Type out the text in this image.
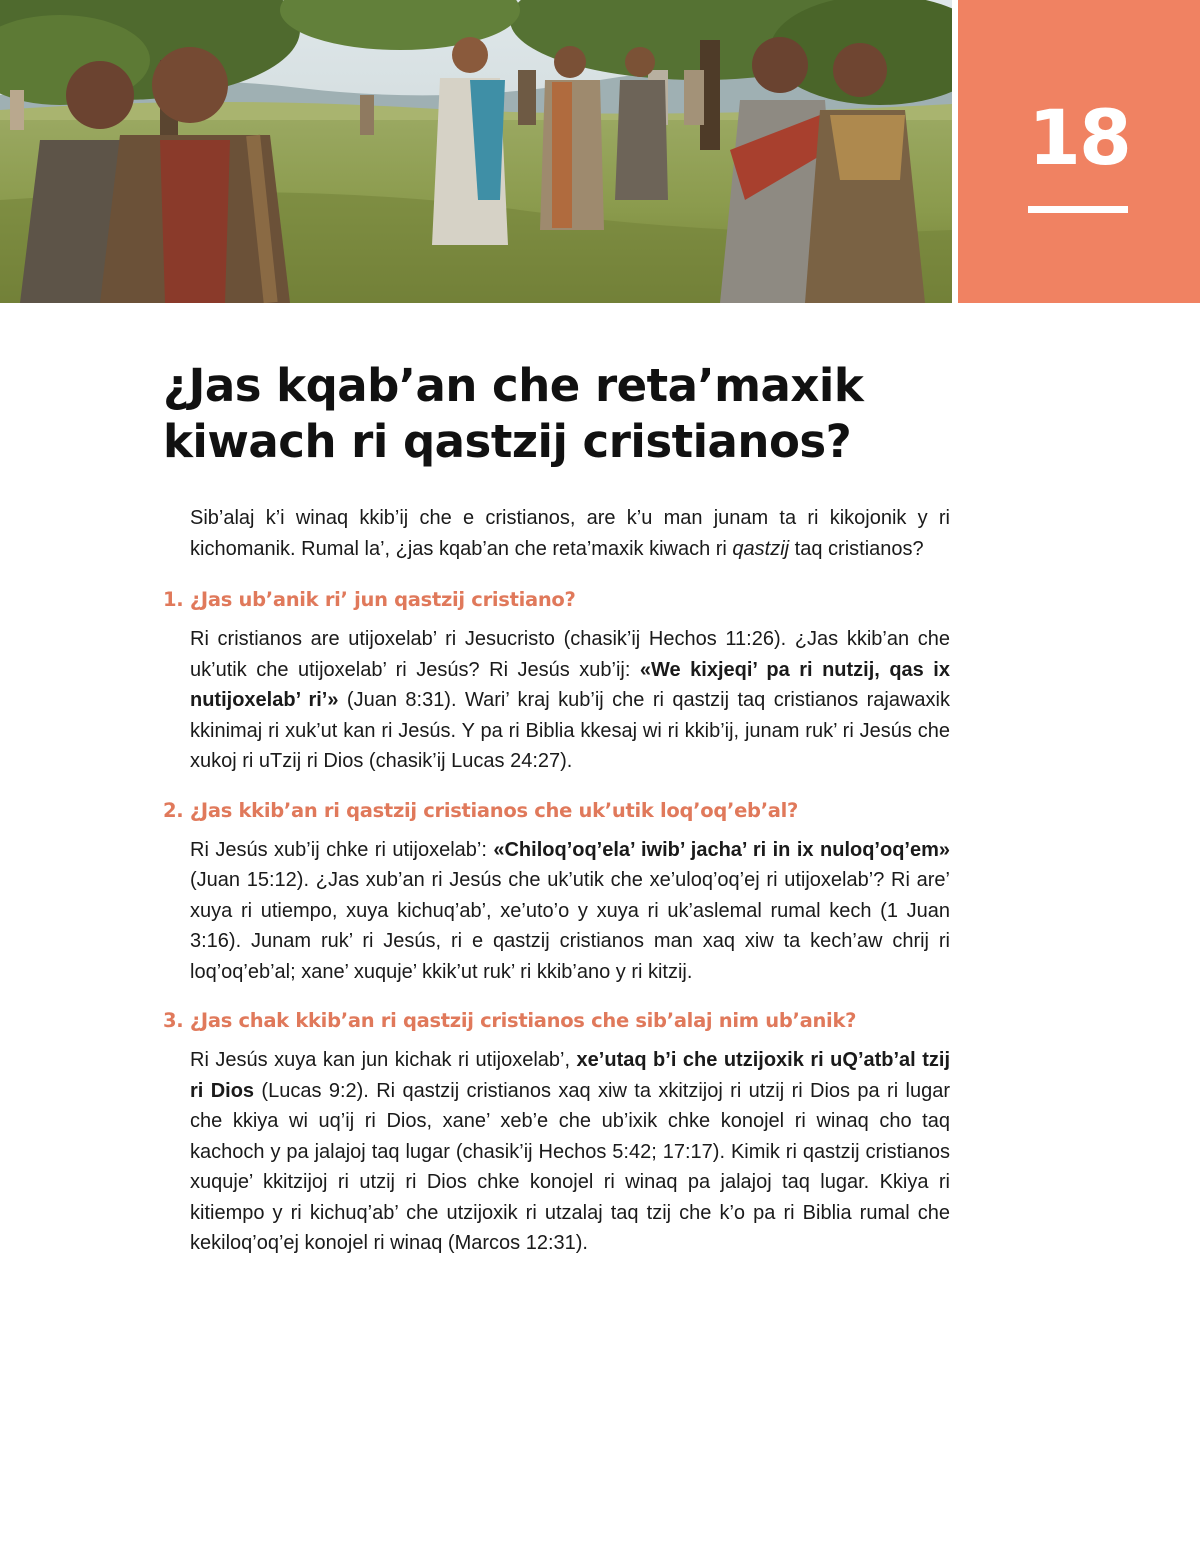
18
¿Jas kqab’an che reta’maxik
kiwach ri qastzij cristianos?

Sib’alaj k’i winaq kkib’ij che e cristianos, are k’u man junam ta ri kikojonik y ri kichomanik. Rumal la’, ¿jas kqab’an che reta’maxik kiwach ri qastzij taq cristianos?

1. ¿Jas ub’anik ri’ jun qastzij cristiano?

Ri cristianos are utijoxelab’ ri Jesucristo (chasik’ij Hechos 11:26). ¿Jas kkib’an che uk’utik che utijoxelab’ ri Jesús? Ri Jesús xub’ij: «We kixjeqi’ pa ri nutzij, qas ix nutijoxelab’ ri’» (Juan 8:31). Wari’ kraj kub’ij che ri qastzij taq cristianos rajawaxik kkinimaj ri xuk’ut kan ri Jesús. Y pa ri Biblia kkesaj wi ri kkib’ij, junam ruk’ ri Jesús che xukoj ri uTzij ri Dios (chasik’ij Lucas 24:27).

2. ¿Jas kkib’an ri qastzij cristianos che uk’utik loq’oq’eb’al?

Ri Jesús xub’ij chke ri utijoxelab’: «Chiloq’oq’ela’ iwib’ jacha’ ri in ix nuloq’oq’em» (Juan 15:12). ¿Jas xub’an ri Jesús che uk’utik che xe’uloq’oq’ej ri utijoxelab’? Ri are’ xuya ri utiempo, xuya kichuq’ab’, xe’uto’o y xuya ri uk’aslemal rumal kech (1 Juan 3:16). Junam ruk’ ri Jesús, ri e qastzij cristianos man xaq xiw ta kech’aw chrij ri loq’oq’eb’al; xane’ xuquje’ kkik’ut ruk’ ri kkib’ano y ri kitzij.

3. ¿Jas chak kkib’an ri qastzij cristianos che sib’alaj nim ub’anik?

Ri Jesús xuya kan jun kichak ri utijoxelab’, xe’utaq b’i che utzijoxik ri uQ’atb’al tzij ri Dios (Lucas 9:2). Ri qastzij cristianos xaq xiw ta xkitzijoj ri utzij ri Dios pa ri lugar che kkiya wi uq’ij ri Dios, xane’ xeb’e che ub’ixik chke konojel ri winaq cho taq kachoch y pa jalajoj taq lugar (chasik’ij Hechos 5:42; 17:17). Kimik ri qastzij cristianos xuquje’ kkitzijoj ri utzij ri Dios chke konojel ri winaq pa jalajoj taq lugar. Kkiya ri kitiempo y ri kichuq’ab’ che utzijoxik ri utzalaj taq tzij che k’o pa ri Biblia rumal che kekiloq’oq’ej konojel ri winaq (Marcos 12:31).
